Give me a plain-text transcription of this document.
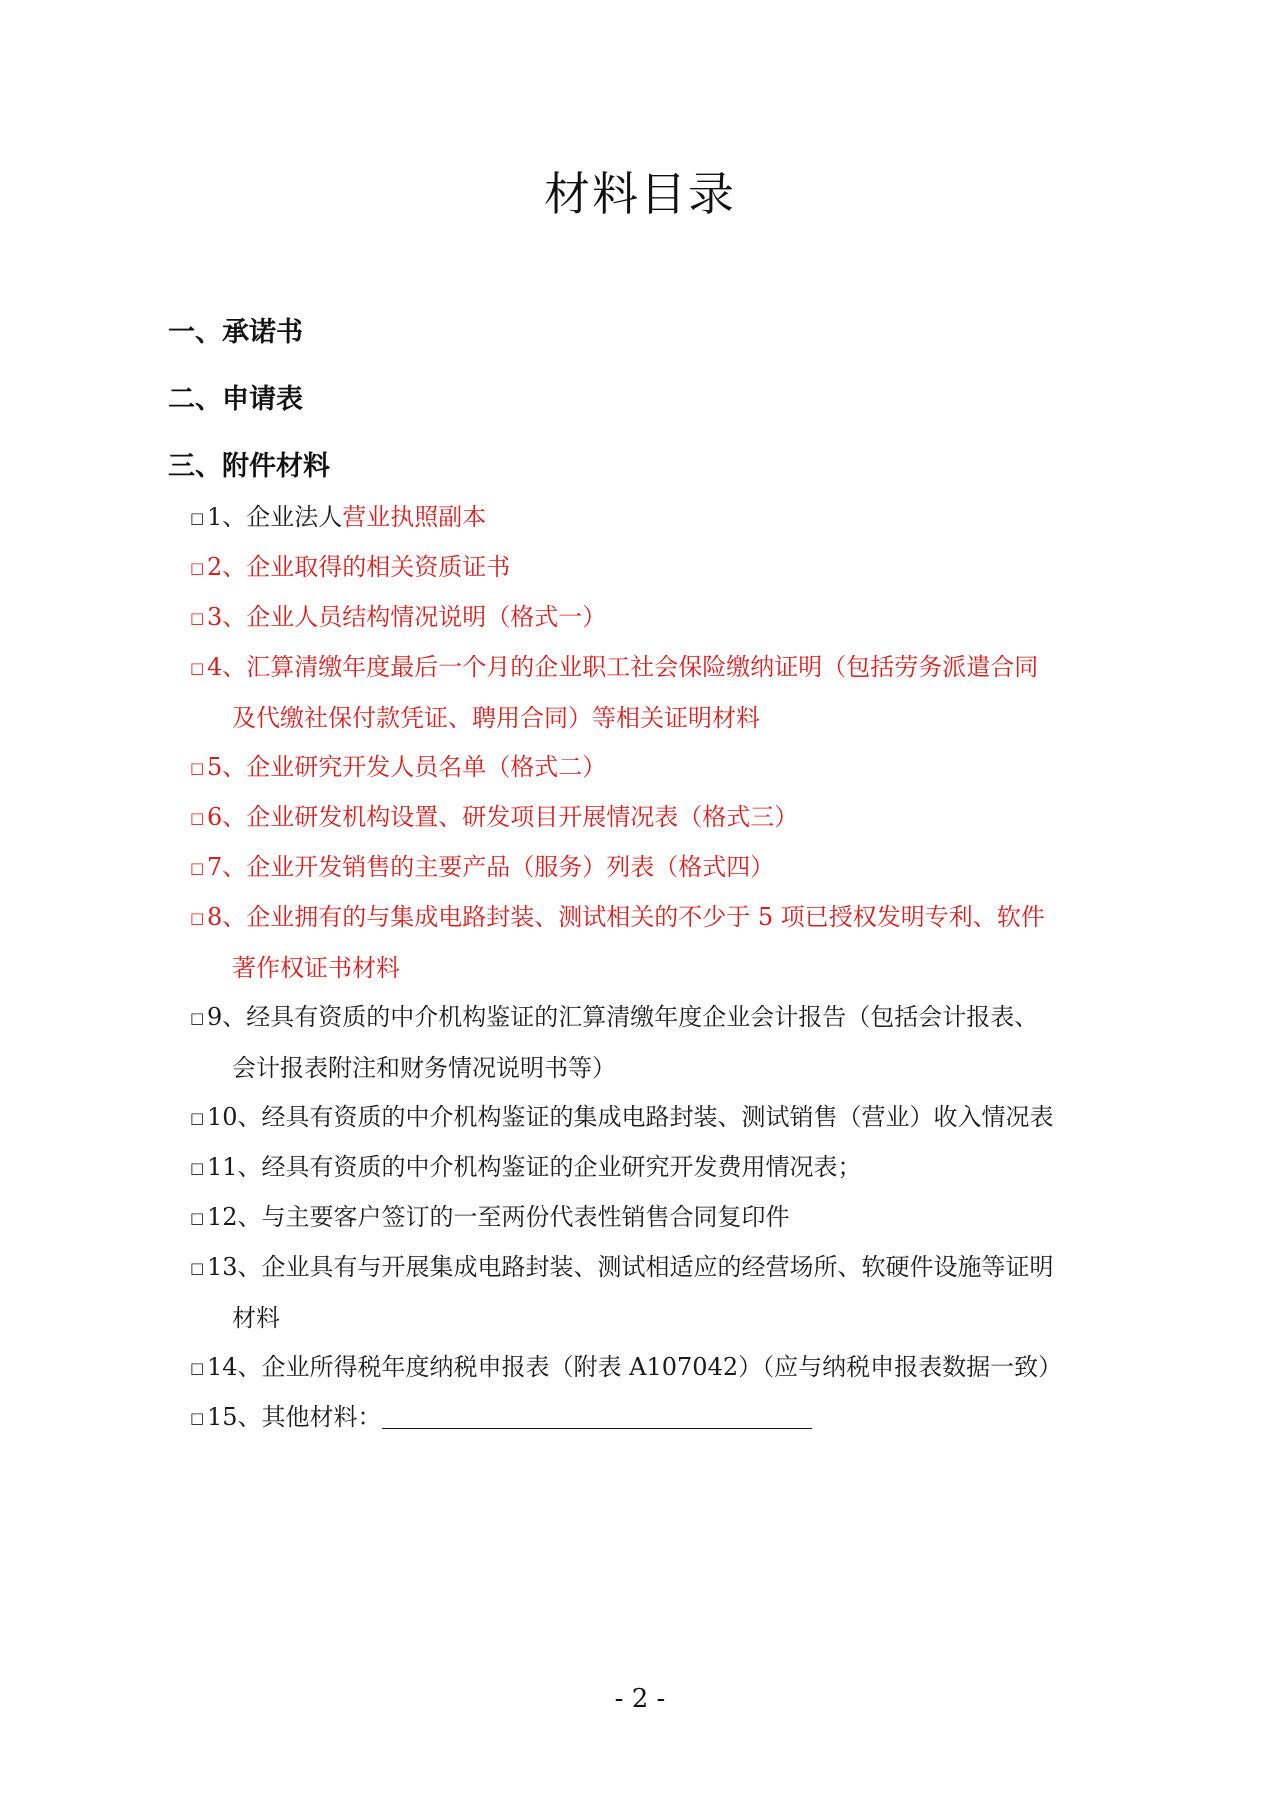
材料目录
一、承诺书
二、申请表
三、附件材料
□ 1、企业法人营业执照副本
□ 2、企业取得的相关资质证书
□ 3、企业人员结构情况说明（格式一）
□ 4、汇算清缴年度最后一个月的企业职工社会保险缴纳证明（包括劳务派遣合同
及代缴社保付款凭证、聘用合同）等相关证明材料
□ 5、企业研究开发人员名单（格式二）
□ 6、企业研发机构设置、研发项目开展情况表（格式三）
□ 7、企业开发销售的主要产品（服务）列表（格式四）
□ 8、企业拥有的与集成电路封装、测试相关的不少于 5 项已授权发明专利、软件
著作权证书材料
□ 9、经具有资质的中介机构鉴证的汇算清缴年度企业会计报告（包括会计报表、
会计报表附注和财务情况说明书等）
□ 10、经具有资质的中介机构鉴证的集成电路封装、测试销售（营业）收入情况表
□ 11、经具有资质的中介机构鉴证的企业研究开发费用情况表；
□ 12、与主要客户签订的一至两份代表性销售合同复印件
□ 13、企业具有与开展集成电路封装、测试相适应的经营场所、软硬件设施等证明
材料
□ 14、企业所得税年度纳税申报表（附表 A107042）（应与纳税申报表数据一致）
□ 15、其他材料：
- 2 -
